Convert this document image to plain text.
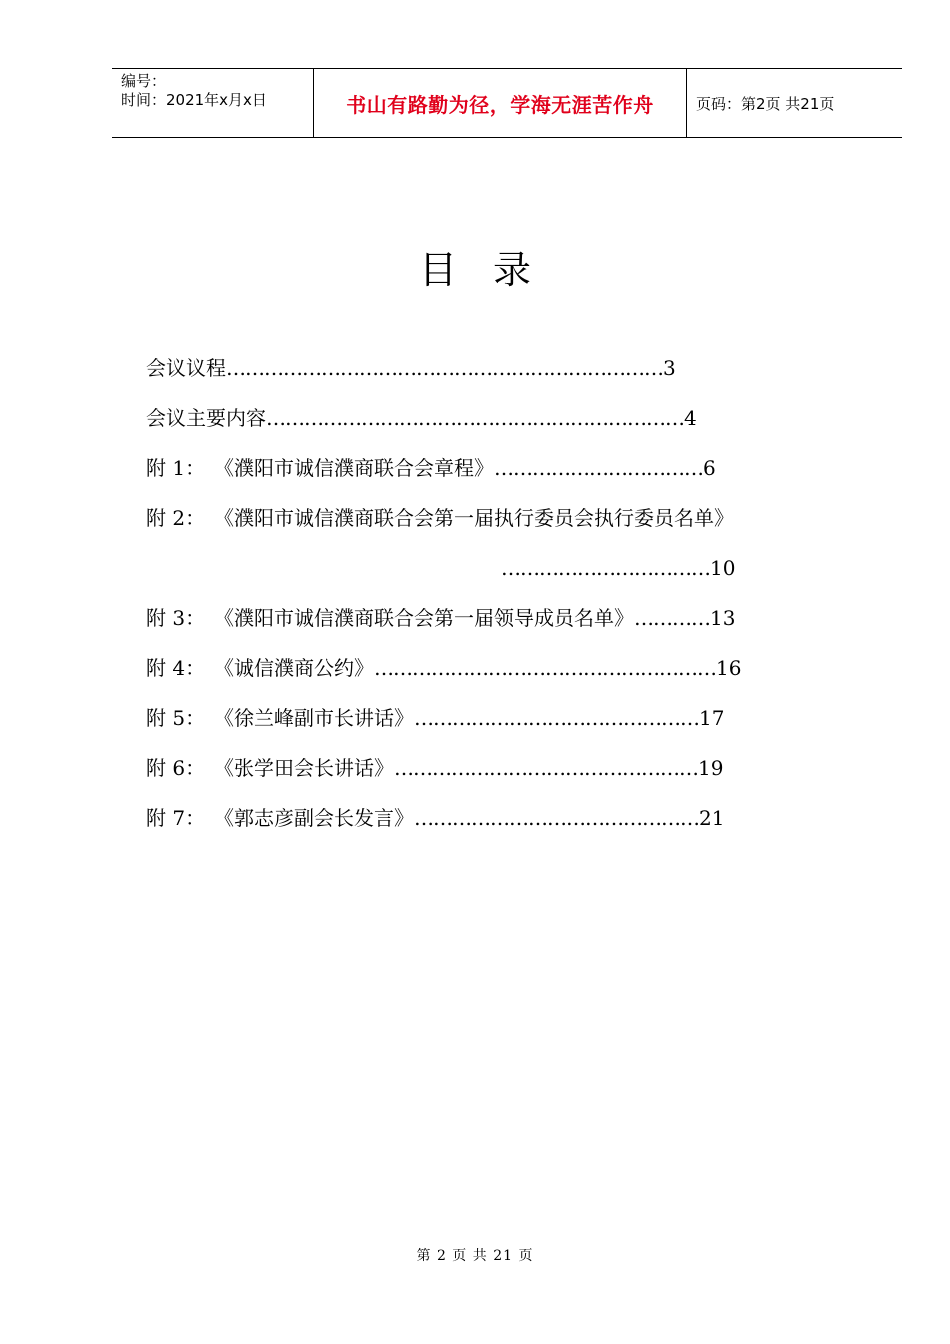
编号：
时间：2021年x月x日	书山有路勤为径，学海无涯苦作舟	页码：第2页 共21页
目录
会议议程……………………………………………………………3
会议主要内容…………………………………………………………4
附 1： 《濮阳市诚信濮商联合会章程》……………………………6
附 2： 《濮阳市诚信濮商联合会第一届执行委员会执行委员名单》
……………………………10
附 3： 《濮阳市诚信濮商联合会第一届领导成员名单》…………13
附 4： 《诚信濮商公约》………………………………………………16
附 5： 《徐兰峰副市长讲话》………………………………………17
附 6： 《张学田会长讲话》…………………………………………19
附 7： 《郭志彦副会长发言》………………………………………21
第 2 页 共 21 页
